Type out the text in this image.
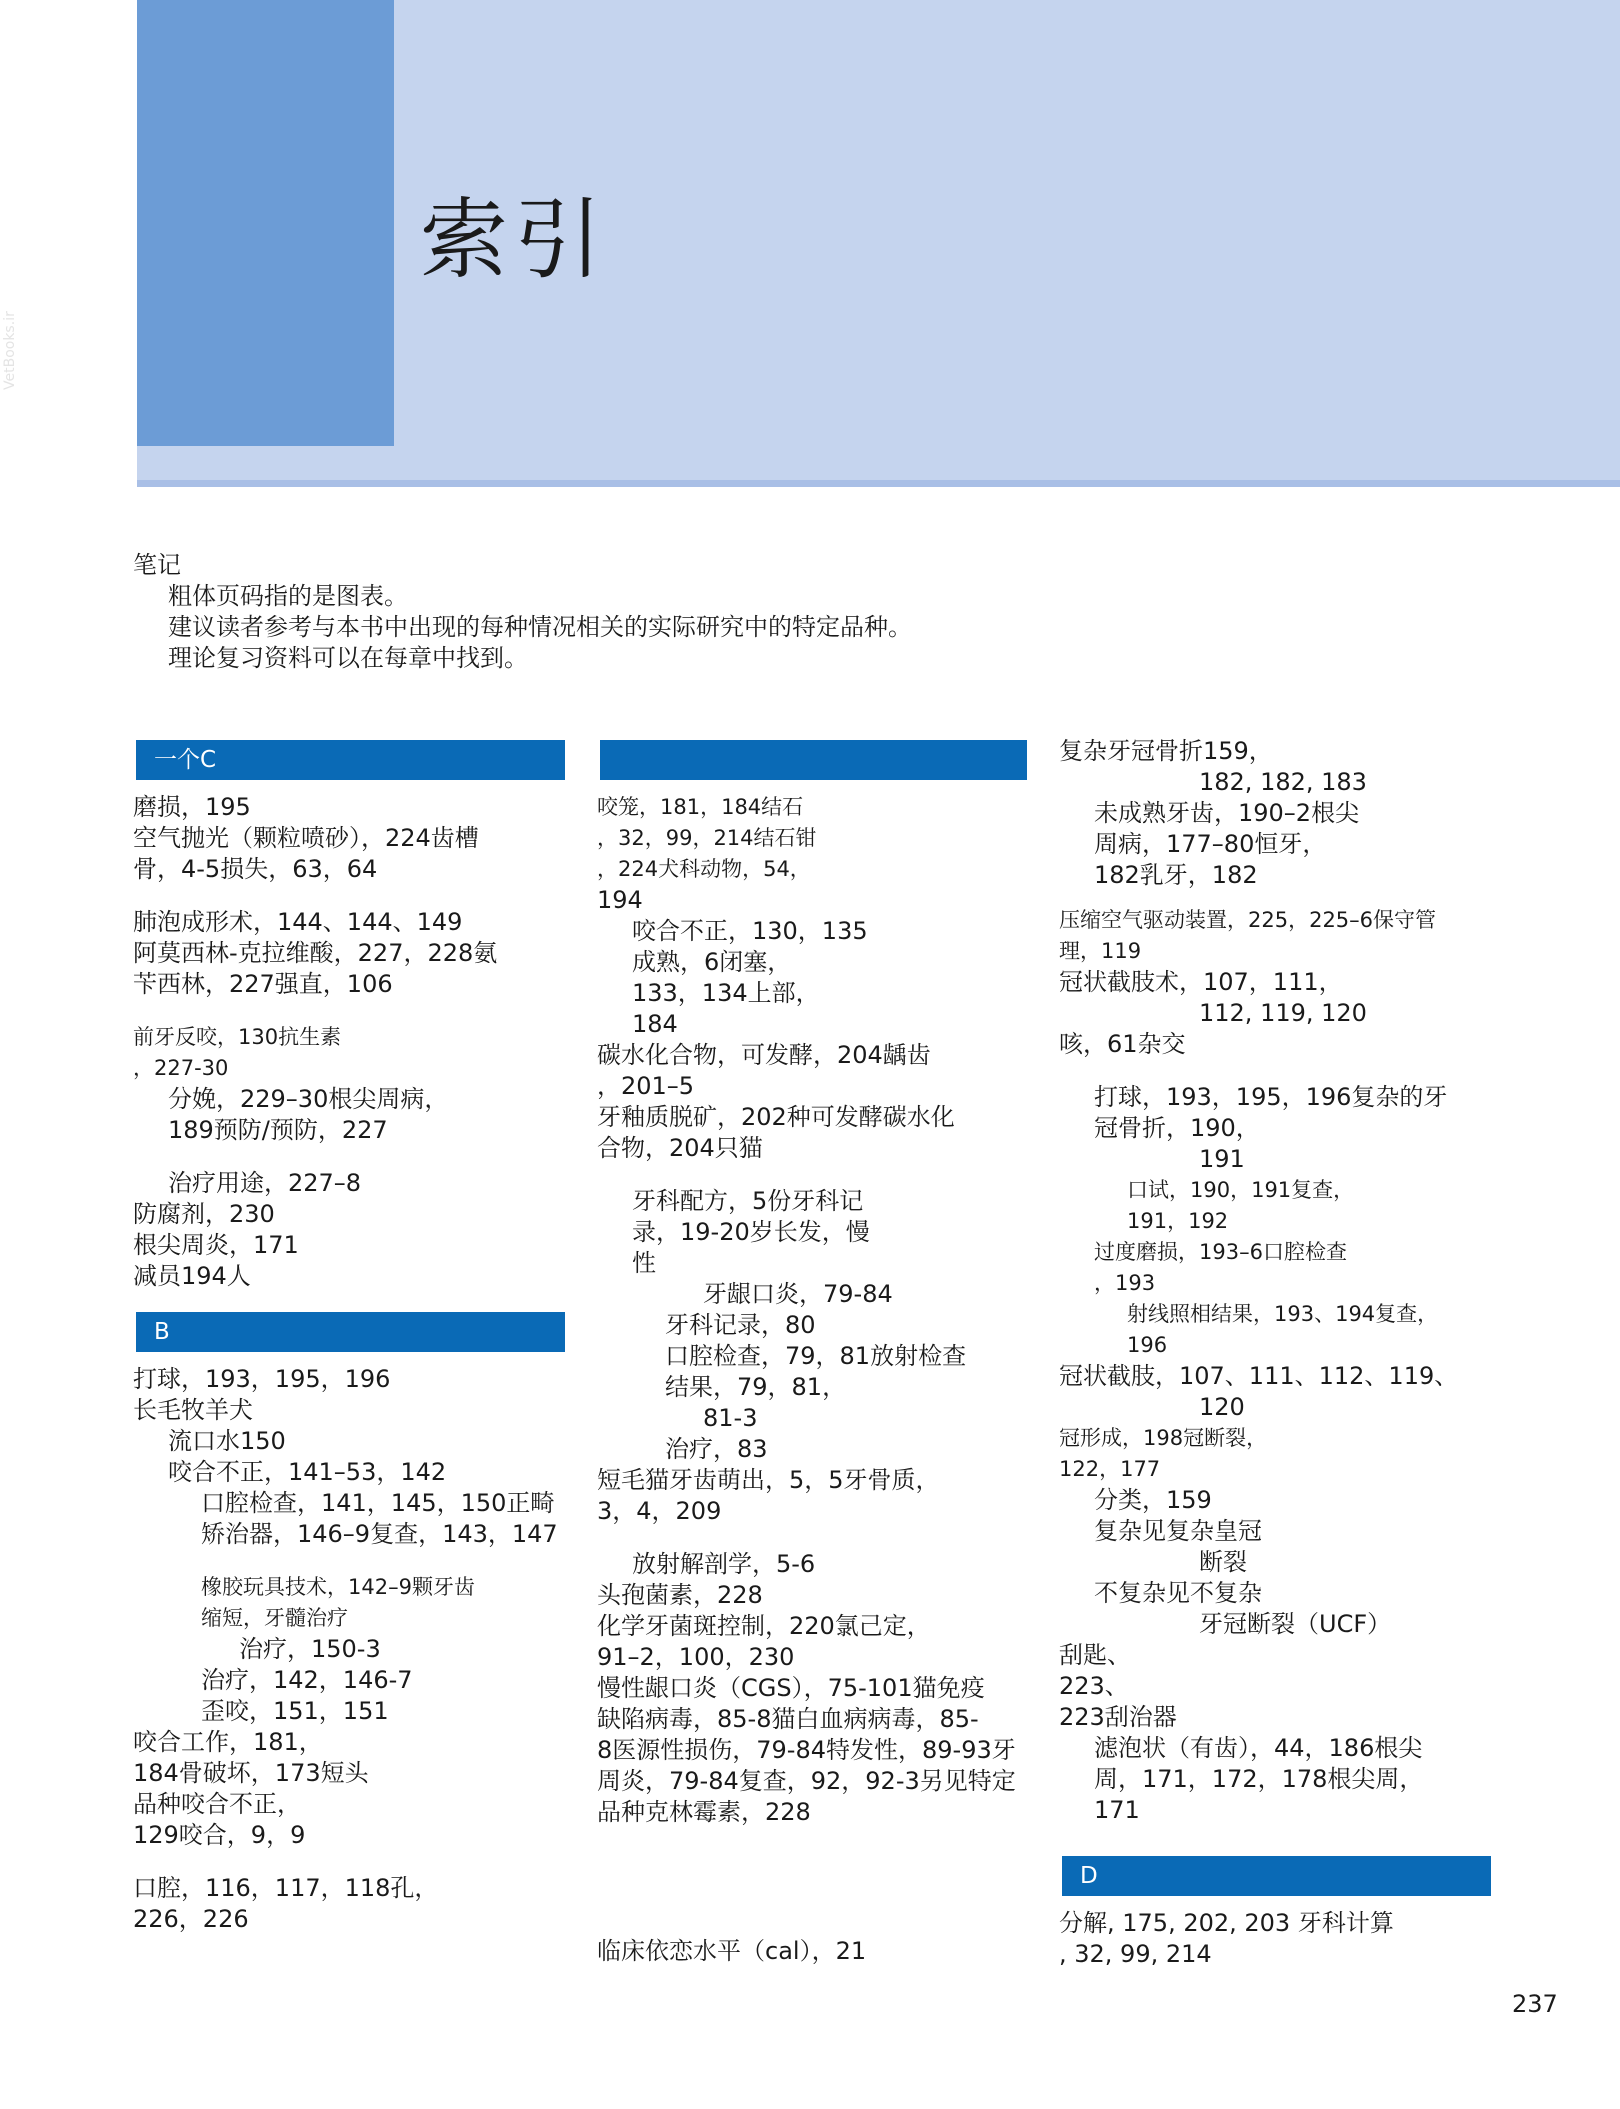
索引
VetBooks.ir

笔记

粗体页码指的是图表。

建议读者参考与本书中出现的每种情况相关的实际研究中的特定品种。

理论复习资料可以在每章中找到。

一个C
磨损，195
空气抛光（颗粒喷砂），224齿槽
骨，4-5损失，63，64
肺泡成形术，144、144、149
阿莫西林-克拉维酸，227，228氨
苄西林，227强直，106
前牙反咬，130抗生素
，227-30
分娩，229–30根尖周病，
189预防/预防，227
治疗用途，227–8
防腐剂，230
根尖周炎，171
减员194人
B
打球，193，195，196
长毛牧羊犬
流口水150
咬合不正，141–53，142
口腔检查，141，145，150正畸
矫治器，146–9复查，143，147
橡胶玩具技术，142–9颗牙齿
缩短，牙髓治疗
治疗，150-3
治疗，142，146-7
歪咬，151，151
咬合工作，181，
184骨破坏，173短头
品种咬合不正，
129咬合，9，9
口腔，116，117，118孔，
226，226
咬笼，181，184结石
，32，99，214结石钳
，224犬科动物，54，
194
咬合不正，130，135
成熟，6闭塞，
133，134上部，
184
碳水化合物，可发酵，204龋齿
，201–5
牙釉质脱矿，202种可发酵碳水化
合物，204只猫
牙科配方，5份牙科记
录，19-20岁长发，慢
性
牙龈口炎，79-84
牙科记录，80
口腔检查，79，81放射检查
结果，79，81，
81-3
治疗，83
短毛猫牙齿萌出，5，5牙骨质，
3，4，209
放射解剖学，5-6
头孢菌素，228
化学牙菌斑控制，220氯己定，
91–2，100，230
慢性龈口炎（CGS），75-101猫免疫
缺陷病毒，85-8猫白血病病毒，85-
8医源性损伤，79-84特发性，89-93牙
周炎，79-84复查，92，92-3另见特定
品种克林霉素，228
临床依恋水平（cal），21
复杂牙冠骨折159，
182, 182, 183
未成熟牙齿，190–2根尖
周病，177–80恒牙，
182乳牙，182
压缩空气驱动装置，225，225–6保守管
理，119
冠状截肢术，107，111，
112, 119, 120
咳，61杂交
打球，193，195，196复杂的牙
冠骨折，190，
191
口试，190，191复查，
191，192
过度磨损，193–6口腔检查
，193
射线照相结果，193、194复查，
196
冠状截肢，107、111、112、119、
120
冠形成，198冠断裂，
122，177
分类，159
复杂见复杂皇冠
断裂
不复杂见不复杂
牙冠断裂（UCF）
刮匙、
223、
223刮治器
滤泡状（有齿），44，186根尖
周，171，172，178根尖周，
171
D
分解, 175, 202, 203 牙科计算
, 32, 99, 214
237
